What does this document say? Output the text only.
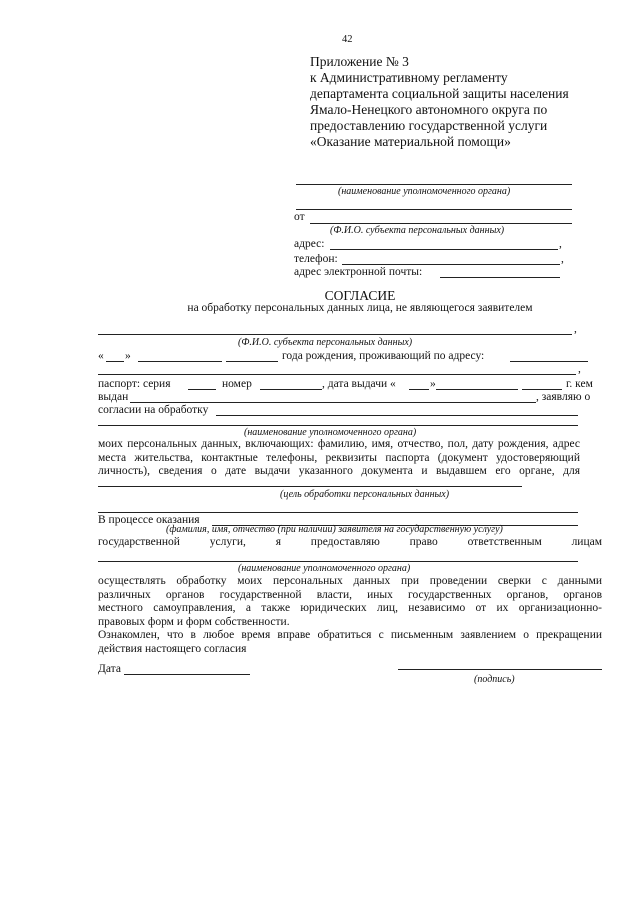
42
Приложение № 3
к Административному регламенту
департамента социальной защиты населения
Ямало-Ненецкого автономного округа по
предоставлению государственной услуги
«Оказание материальной помощи»
(наименование уполномоченного органа)
от
(Ф.И.О. субъекта персональных данных)
адрес:	,
телефон:	,
адрес электронной почты:
СОГЛАСИЕ
на обработку персональных данных лица, не являющегося заявителем
,
(Ф.И.О. субъекта персональных данных)
« »	года рождения, проживающий по адресу:
,
паспорт: серия	номер	, дата выдачи «	»	г. кем
выдан	, заявляю о
согласии на обработку
(наименование уполномоченного органа)
моих персональных данных, включающих: фамилию, имя, отчество, пол, дату рождения, адрес
места жительства, контактные телефоны, реквизиты паспорта (документ удостоверяющий
личность), сведения о дате выдачи указанного документа и выдавшем его органе, для
(цель обработки персональных данных)
В процессе оказания
(фамилия, имя, отчество (при наличии) заявителя на государственную услугу)
государственной	услуги,	я	предоставляю	право	ответственным	лицам
(наименование уполномоченного органа)
осуществлять обработку моих персональных данных при проведении сверки с данными
различных органов государственной власти, иных государственных органов, органов
местного самоуправления, а также юридических лиц, независимо от их организационно-
правовых форм и форм собственности.
Ознакомлен, что в любое время вправе обратиться с письменным заявлением о прекращении
действия настоящего согласия
Дата
(подпись)
